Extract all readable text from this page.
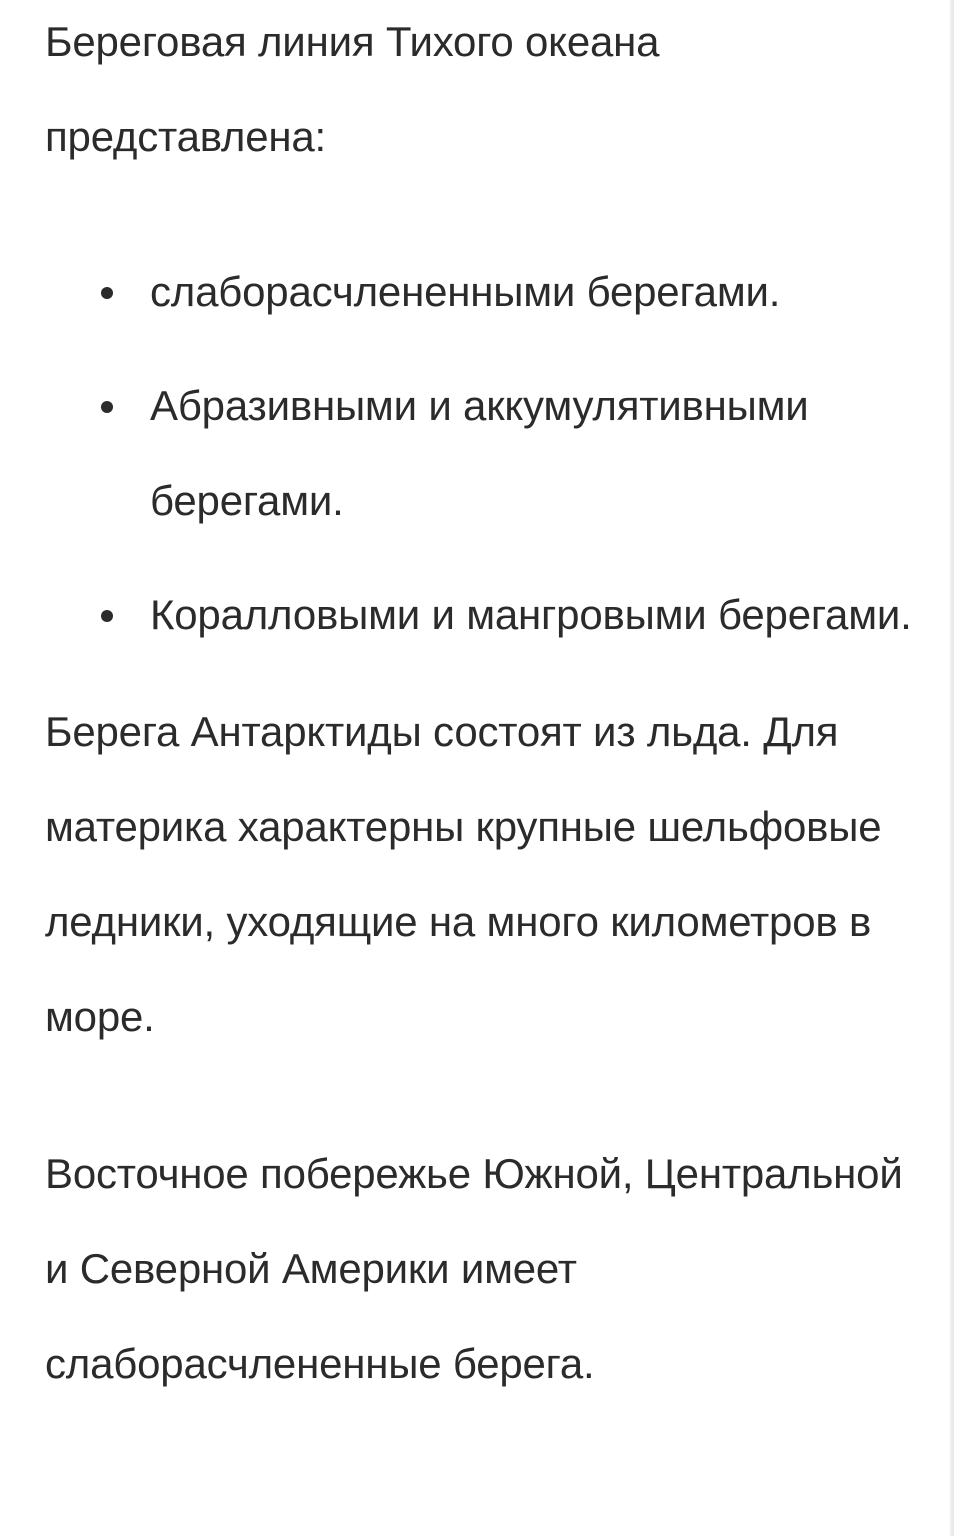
Береговая линия Тихого океана представлена:

слаборасчлененными берегами.
Абразивными и аккумулятивными берегами.
Коралловыми и мангровыми берегами.

Берега Антарктиды состоят из льда. Для материка характерны крупные шельфовые ледники, уходящие на много километров в море.

Восточное побережье Южной, Центральной и Северной Америки имеет слаборасчлененные берега.
